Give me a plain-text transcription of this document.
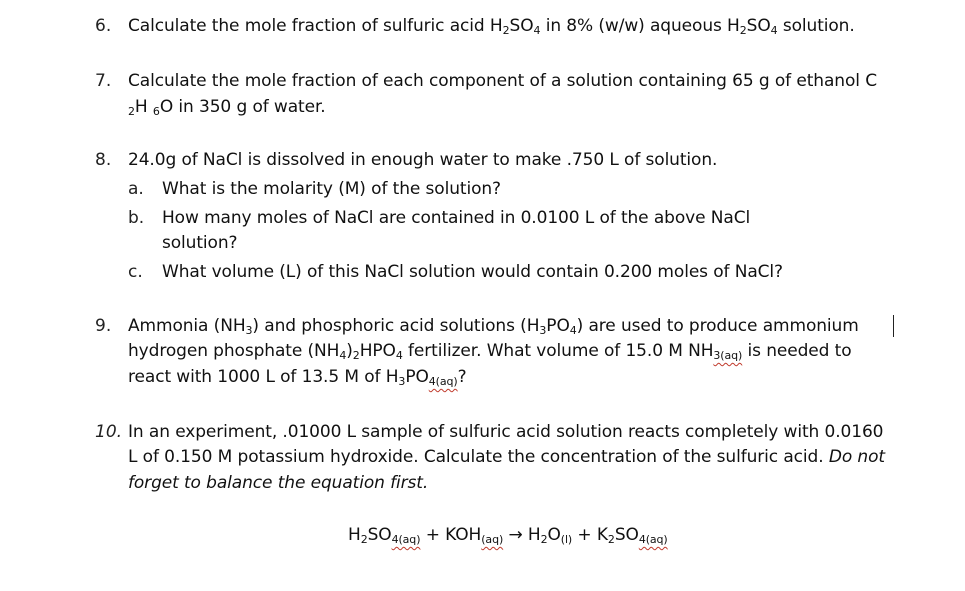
6. Calculate the mole fraction of sulfuric acid $H_2SO_4$ in 8% (w/w) aqueous $H_2SO_4$ solution.
7. Calculate the mole fraction of each component of a solution containing 65 g of ethanol C
$_2$H $_6$O in 350 g of water.
8. 24.0g of NaCl is dissolved in enough water to make .750 L of solution.
a. What is the molarity (M) of the solution?
b. How many moles of NaCl are contained in 0.0100 L of the above NaCl
solution?
c. What volume (L) of this NaCl solution would contain 0.200 moles of NaCl?
9. Ammonia $(NH_3)$ and phosphoric acid solutions $(H_3PO_4)$ are used to produce ammonium
hydrogen phosphate $(NH_4)_2HPO_4$ fertilizer. What volume of 15.0 M $NH_{3(aq)}$ is needed to
react with 1000 L of 13.5 M of $H_3PO_{4(aq)}$?
10. In an experiment, .01000 L sample of sulfuric acid solution reacts completely with 0.0160
L of 0.150 M potassium hydroxide. Calculate the concentration of the sulfuric acid. Do not
forget to balance the equation first.
$H_2SO_{4(aq)} + KOH_{(aq)} \to H_2O_{(l)} + K_2SO_{4(aq)}$
